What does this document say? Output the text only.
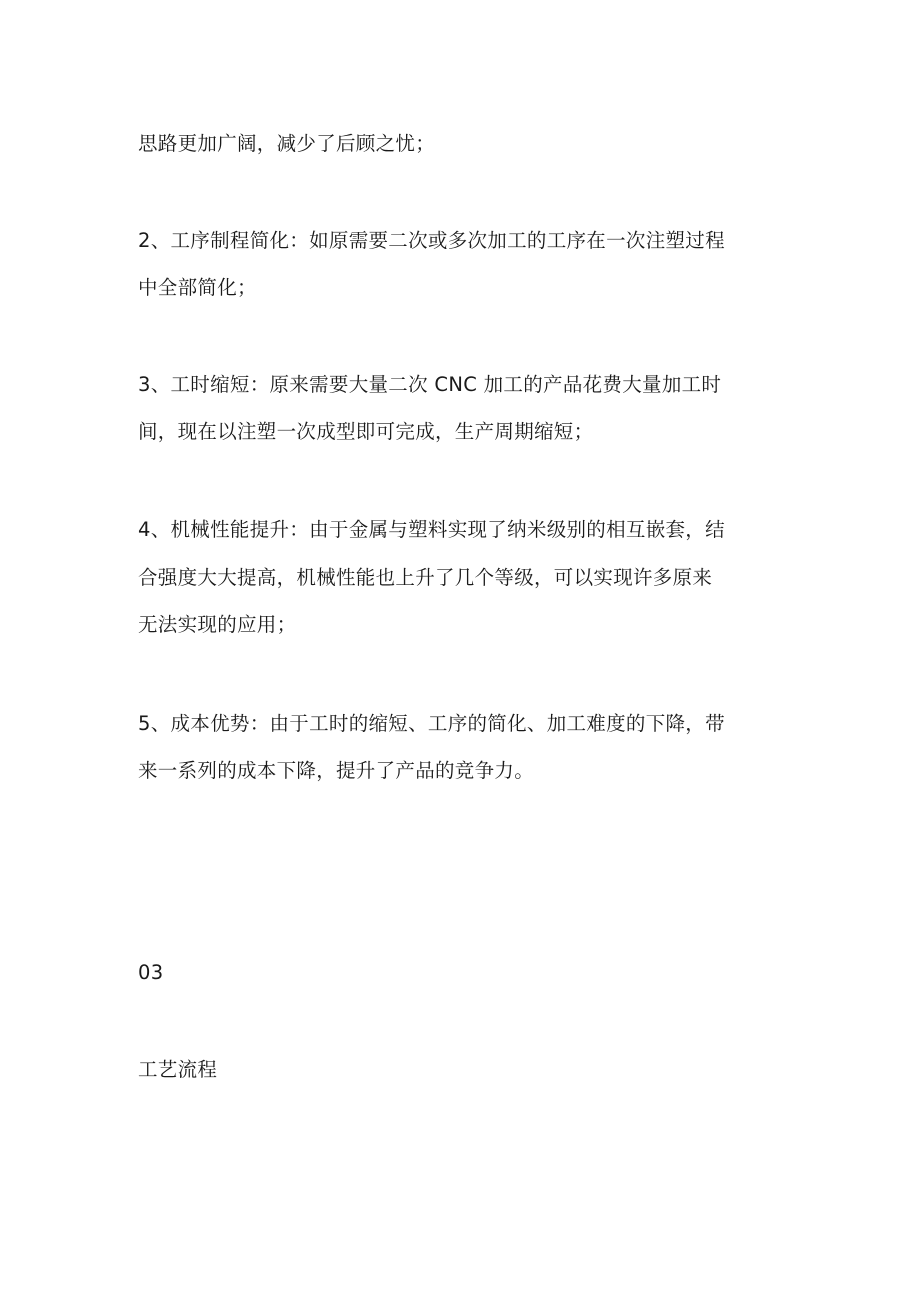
思路更加广阔，减少了后顾之忧；
2、工序制程简化：如原需要二次或多次加工的工序在一次注塑过程
中全部简化；
3、工时缩短：原来需要大量二次 CNC 加工的产品花费大量加工时
间，现在以注塑一次成型即可完成，生产周期缩短；
4、机械性能提升：由于金属与塑料实现了纳米级别的相互嵌套，结
合强度大大提高，机械性能也上升了几个等级，可以实现许多原来
无法实现的应用；
5、成本优势：由于工时的缩短、工序的简化、加工难度的下降，带
来一系列的成本下降，提升了产品的竞争力。
03
工艺流程
